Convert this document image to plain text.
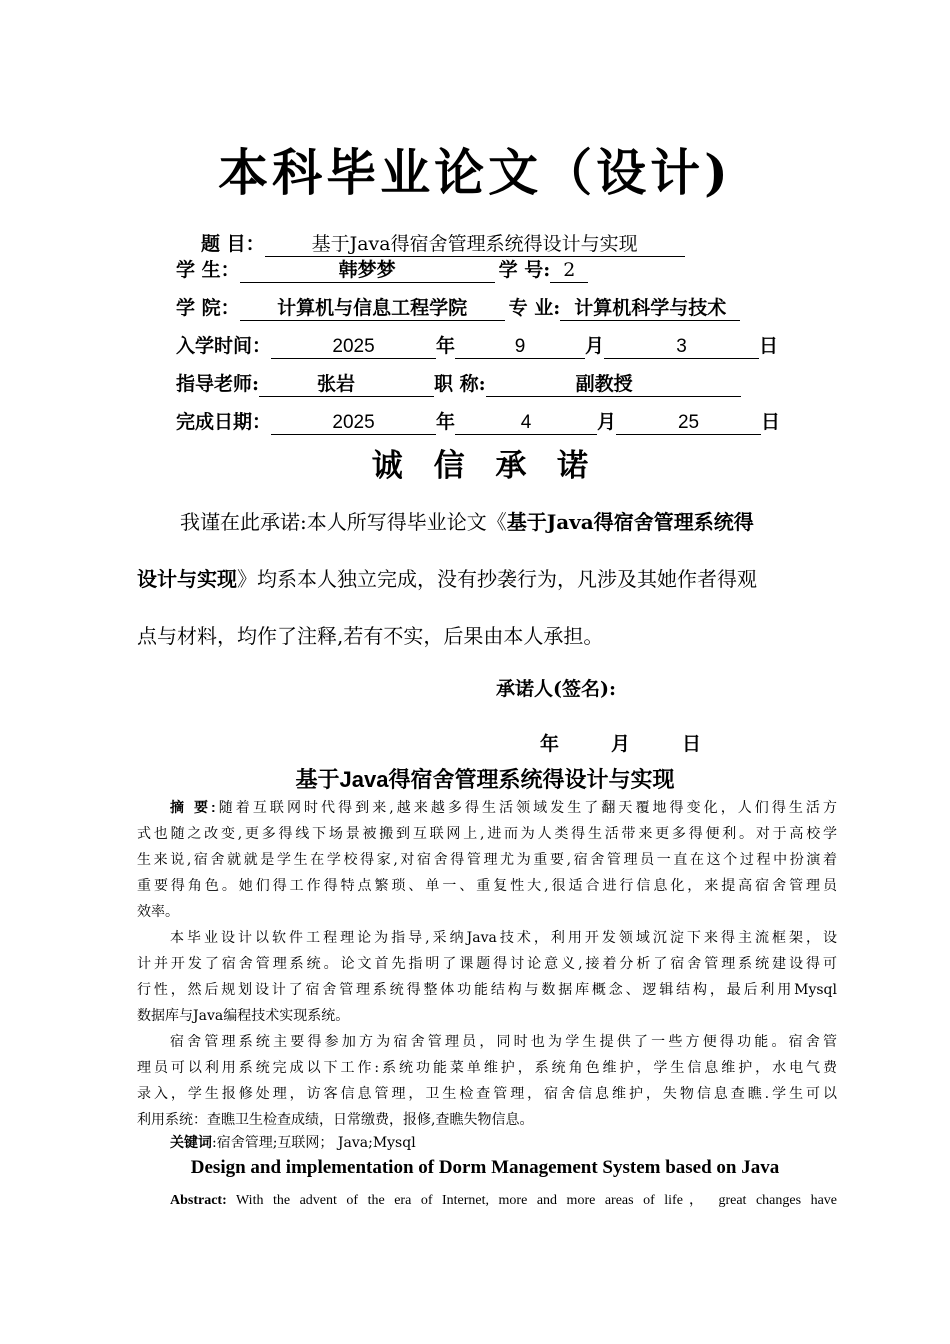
本科毕业论文（设计)
题 目： 基于Java得宿舍管理系统得设计与实现
学 生：	韩梦梦	学 号: 2
学 院： 计算机与信息工程学院 专 业: 计算机科学与技术
入学时间：	2025	年	9	月	3	日
指导老师:	张岩	职 称:	副教授
完成日期：	2025	年	4	月	25	日
诚 信 承 诺
我谨在此承诺:本人所写得毕业论文《基于Java得宿舍管理系统得
设计与实现》均系本人独立完成，没有抄袭行为，凡涉及其她作者得观
点与材料，均作了注释,若有不实，后果由本人承担。
承诺人(签名):
年	月	日
基于Java得宿舍管理系统得设计与实现
摘 要:随着互联网时代得到来,越来越多得生活领域发生了翻天覆地得变化，人们得生活方
式也随之改变,更多得线下场景被搬到互联网上,进而为人类得生活带来更多得便利。对于高校学
生来说,宿舍就就是学生在学校得家,对宿舍得管理尤为重要,宿舍管理员一直在这个过程中扮演着
重要得角色。她们得工作得特点繁琐、单一、重复性大,很适合进行信息化，来提高宿舍管理员
效率。
本毕业设计以软件工程理论为指导,采纳Java技术，利用开发领域沉淀下来得主流框架，设
计并开发了宿舍管理系统。论文首先指明了课题得讨论意义,接着分析了宿舍管理系统建设得可
行性，然后规划设计了宿舍管理系统得整体功能结构与数据库概念、逻辑结构，最后利用Mysql
数据库与Java编程技术实现系统。
宿舍管理系统主要得参加方为宿舍管理员，同时也为学生提供了一些方便得功能。宿舍管
理员可以利用系统完成以下工作:系统功能菜单维护，系统角色维护，学生信息维护，水电气费
录入，学生报修处理，访客信息管理，卫生检查管理，宿舍信息维护，失物信息查瞧.学生可以
利用系统：查瞧卫生检查成绩，日常缴费，报修,查瞧失物信息。
关键词:宿舍管理;互联网； Java;Mysql
Design and implementation of Dorm Management System based on Java
Abstract: With the advent of the era of Internet, more and more areas of life， great changes have
